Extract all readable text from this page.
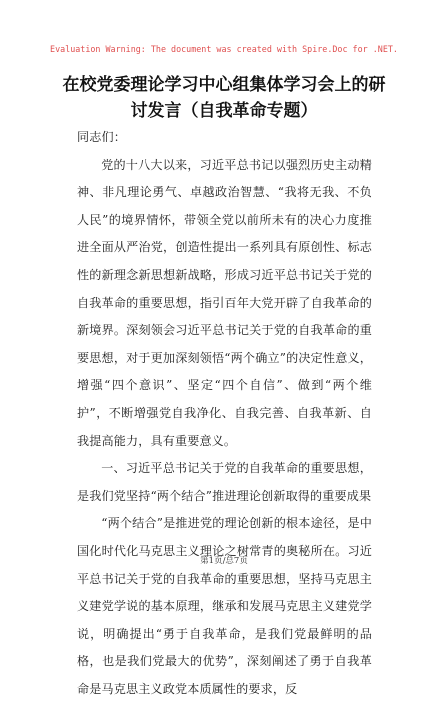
Evaluation Warning: The document was created with Spire.Doc for .NET.
在校党委理论学习中心组集体学习会上的研讨发言（自我革命专题）

同志们：

党的十八大以来，习近平总书记以强烈历史主动精神、非凡理论勇气、卓越政治智慧、“我将无我、不负人民”的境界情怀，带领全党以前所未有的决心力度推进全面从严治党，创造性提出一系列具有原创性、标志性的新理念新思想新战略，形成习近平总书记关于党的自我革命的重要思想，指引百年大党开辟了自我革命的新境界。深刻领会习近平总书记关于党的自我革命的重要思想，对于更加深刻领悟“两个确立”的决定性意义，增强“四个意识”、坚定“四个自信”、做到“两个维护”，不断增强党自我净化、自我完善、自我革新、自我提高能力，具有重要意义。

一、习近平总书记关于党的自我革命的重要思想，是我们党坚持“两个结合”推进理论创新取得的重要成果

“两个结合”是推进党的理论创新的根本途径，是中国化时代化马克思主义理论之树常青的奥秘所在。习近平总书记关于党的自我革命的重要思想，坚持马克思主义建党学说的基本原理，继承和发展马克思主义建党学说，明确提出“勇于自我革命，是我们党最鲜明的品格，也是我们党最大的优势”，深刻阐述了勇于自我革命是马克思主义政党本质属性的要求，反

第1页/总7页
